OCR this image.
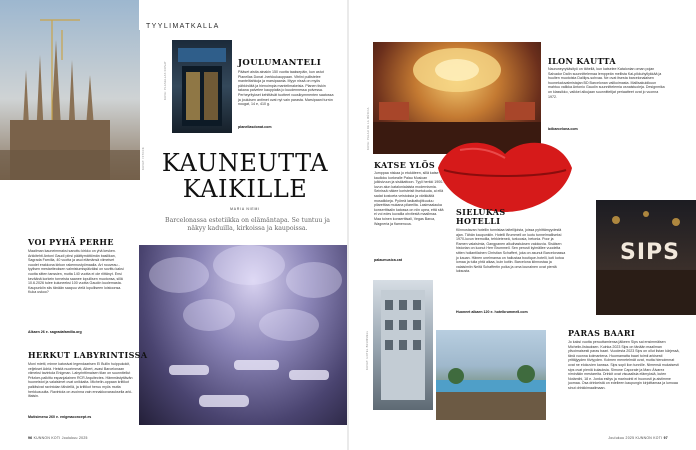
TYYLIMATKALLA
KUVA: PLANELLAS DONAT	JOULUMANTELI
Pääset aistia ainakin 150 vuotta taaksepäin, kun astut Planellas Donat -herkkukauppaan. Vitriini pullistelee mantelitahkoja ja marsipaania. Myyn nissä on myös pähkinöitä ja hienoimpia mantelimakeisia. Planen tiskin takana palvelee kauppiaita jo kuudennessa polvessa. Perheyritykset kehittävät tuotteet vuosikymmenten saatossa ja jouluisen antimet ovat nyt vain parasta. Marsipaani turrón nougat, 14 e, 410 g.
planellasdonat.com
KUVAT: ISTOCK KAUNEUTTA
KAIKILLE
MARIA NIEMI
Barcelonassa estetiikka on elämäntapa. Se tuntuu ja näkyy kaduilla, kirkoissa ja kaupoissa.
VOI PYHÄ PERHE
Maailman kauneimmaksi sanottu kirkko on yhä kesken. Arkkitehti Antoni Gaudí piirsi päättymättömän basilikan, Sagrada Família, 40 vuotta ja asui elämänsä viimeiset vuodet erakkona kirkon rakennustyömaalla. Art nouveau -tyylisen mestariteoksen valmistumispäiväksi on sovittu kaksi vuotta sitten tanssien, mutta 140 vuotta ei ole riittänyt. Ensi keväänä korkein torneista saanee lopullisen muotonsa, sillä 10.6.2026 tulee kuluneeksi 100 vuotta Gaudín kuolemasta. Kaupunkiin siis tänään saapuu vielä lopulliseen loistoonsa. Kuka uskoo?
Alkaen 26 e. sagradafamilia.org
HERKUT LABYRINTISSA
Moni mietti, minne katosivat legendaarisen El Bullin huippukokit, veljekset Adrià. Heistä nuorimmat, Albert, avasi Barcelonaan viimeksi tavintola Enigman. Labyrinttimaisen tilan on suunnitellut Pritzker-palkittu espanjalainen RCR Arquitectes. Hämmästyttävän huoneistot ja valaisimet ovat unikkaita. Michelin-oppaan kriitikot palkitsivat ravintolan tähdellä, ja kriitikot heruu myös mutta herkkusuulta. Ravintola on avoinna vain ennakkovarauksella arki-iltaisin.
Mutisimenu 260 e. enigmaconcept.es
96 KUNNON KOTI Joulukuu 2025
KUVA: PALAU DE LA MÚSICA
ILON KAUTTA
Nauruneyrykäsityö on tähellä, kun katselee Katalonian oman pojan Salvador Dalín suunnittelemaa lemppeän mellista Kai-pikkuhyllykkää ja huulten muotoista Dalílips-sohvaa. Ne ovat itsesta barcelonalaisen huonekaluvalmistajan BD Barcelonan valikoimasta. Mallisakuidkuun mahtuu valikka Antonio Gaudín suunnittelemia osnaistuoleja. Designmika on klassikko, vaikkei alkujaan suunnittelijat periaatteet ovat jo vuonna 1972.
bdbarcelona.com
KATSE YLÖS
Jumppaa niskaa jo etukäteen, sillä katse kaulloku korkealle Palau Musican julkisivuun ja sisäkattoon. Tyyli herkki 1900-luvun alun katalonialaista modernismia. Seinissä näkee koristeisit itsetukuda, ai ellä sadat kostoeta veistoksia ja värikkäitä mosaiikkeja. Pyöreä lasikattojitkuuluu pilareittaa mukana pilareilta. Lasimaalauka konserttisalin katossa on niin upea, että sitä ei voi edes kuvailla ohvtiestä maailmaa. Maa toinen konserttisali, Vegas Barca, Wagneria ja flamencoa.
palaumusica.cat
SIELUKAS HOTELLI
Kiinnostavan hotellin tunnistaa taiteilijoista, joissa pyhittämyydestä ajan. Tähän kaupunkiin. Hotelli Brummell on luotu tunnelmalliseksi 1970-luvun teemoilla, tehkieteneä, turkoosia, betonia. Poor ja Ramen valaisimia, Gangpanen alkuihastuksen valokuvia. Sisäisen historian on luonut Herr Brummell. Sen perusti kylmällee vuodelta sitten hollantilainen Christian Schaffert, joka on asunut Barcelonassa jo kauan. Hänen unelmansa on hallustaa boutique-hotelli, koti kotoa lomaa ja tulla yhtä aikaa, kuin kotiin. Barcelona kiinnostaa ja valaisimiin Neitä Schaffertin poika ja oma lounainen ovat pientä luksusta.
Huoneet alkaen 120 e. hotelbrummell.com
SIPS
KUVAT: HOTEL BRUMMELL	PARAS BAARI
Jo kaksi vuotta peruuttamiensa jälkeen Sips sai ensimmäisen Michelin-listauksen. Kuinka 2023 Sips on tänään maailman ylivoimaisesti paras baari. Vuodesta 2023 Sips on ollut listan kärjessä, tänä vuonna kolmantena. Huomamatta baari toimii arkisesti yrittäjyyden tiiviyyden. Kolmen menetelmät ovat, mutta hienoimmat ovat ne elokuvien kanssa. Sips sopii ilon tunnille. Nimensä mukaisesti sips ovat pieniä kulauksia. Simone Caporale ja Marc Álvarez niminäkin mestareita. Drinkit ovat visuaalisia elämyksiä, kuten Notámihi, 18 e. Jonka esitys ja marinointi ei huonosti ja aistimme juomaa. Osa drinkeistä on edelleen kaupungin kirjoittamaa ja lumoaa sinut drinkkimaailmaan.
Joulukuu 2025 KUNNON KOTI 97
